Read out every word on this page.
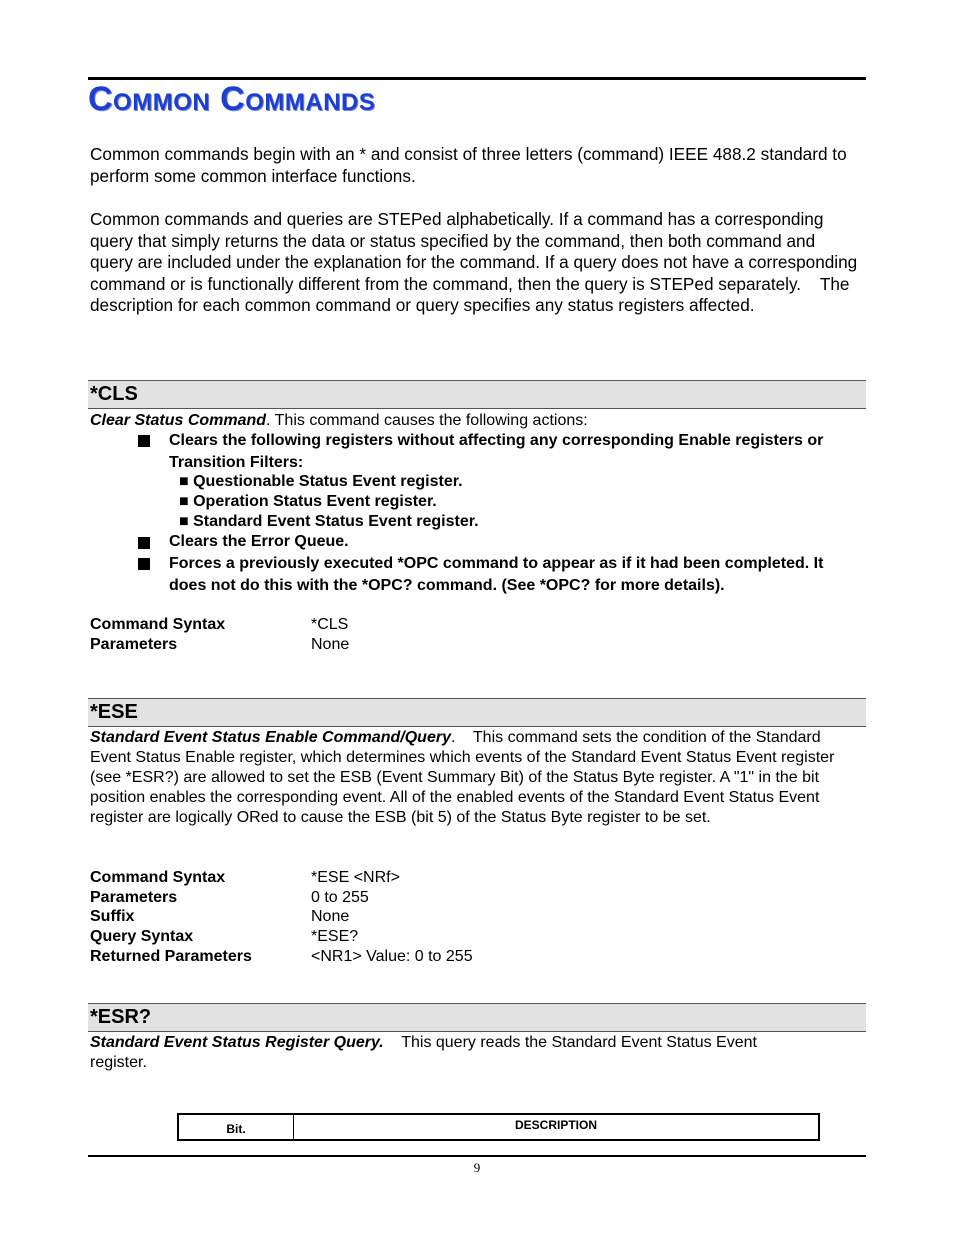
Common Commands
Common commands begin with an * and consist of three letters (command) IEEE 488.2 standard to perform some common interface functions.
Common commands and queries are STEPed alphabetically. If a command has a corresponding query that simply returns the data or status specified by the command, then both command and query are included under the explanation for the command. If a query does not have a corresponding command or is functionally different from the command, then the query is STEPed separately.    The description for each common command or query specifies any status registers affected.
*CLS
Clear Status Command. This command causes the following actions:
Clears the following registers without affecting any corresponding Enable registers or Transition Filters:
■ Questionable Status Event register.
■ Operation Status Event register.
■ Standard Event Status Event register.
Clears the Error Queue.
Forces a previously executed *OPC command to appear as if it had been completed. It does not do this with the *OPC? command. (See *OPC? for more details).
Command Syntax	*CLS
Parameters	None
*ESE
Standard Event Status Enable Command/Query.    This command sets the condition of the Standard Event Status Enable register, which determines which events of the Standard Event Status Event register (see *ESR?) are allowed to set the ESB (Event Summary Bit) of the Status Byte register. A "1" in the bit position enables the corresponding event. All of the enabled events of the Standard Event Status Event register are logically ORed to cause the ESB (bit 5) of the Status Byte register to be set.
Command Syntax	*ESE <NRf>
Parameters	0 to 255
Suffix	None
Query Syntax	*ESE?
Returned Parameters	<NR1> Value: 0 to 255
*ESR?
Standard Event Status Register Query.    This query reads the Standard Event Status Event register.
Bit.	DESCRIPTION
9
